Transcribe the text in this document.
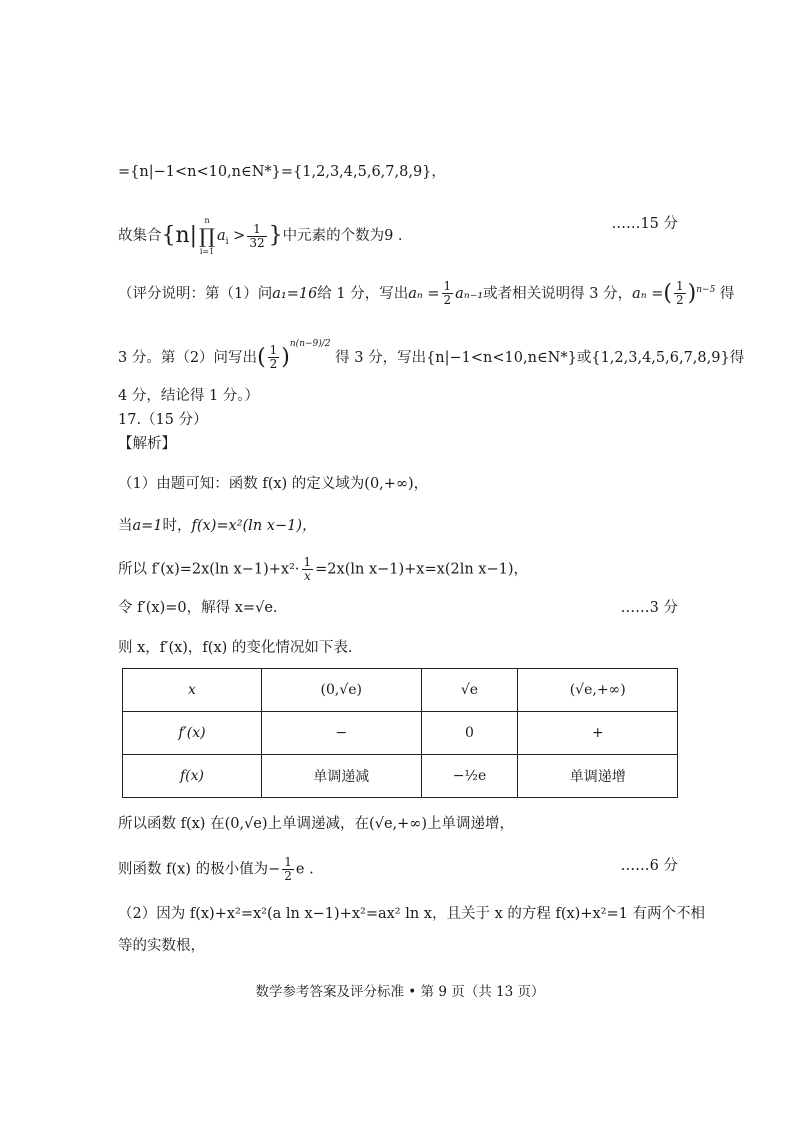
={n|−1<n<10,n∈N*}={1,2,3,4,5,6,7,8,9}，
故集合{n|
n
∏
i=1
$a_i > \frac{1}{32}$ }中元素的个数为9 .
……15 分
（评分说明：第（1）问a₁=16给 1 分，写出$a_n = \frac{1}{2} a_{n-1}$或者相关说明得 3 分，aₙ =( $\frac{1}{2} )^{n-5}$ 得
3 分。第（2）问写出( $\frac{1}{2} )^{n(n-9)/2}$ 得 3 分，写出{n|−1<n<10,n∈N*}或{1,2,3,4,5,6,7,8,9}得
4 分，结论得 1 分。）
17.（15 分）
【解析】
（1）由题可知：函数 f(x) 的定义域为(0,+∞)，
当a=1时，f(x)=x²(ln x−1)，
所以 f′(x)=2x(ln $x-1)+x^2\cdot \frac{1}{x} =2x(\ln$ x−1)+x=x(2ln x−1)，
令 f′(x)=0，解得 x=√e.	……3 分
则 x，f′(x)，f(x) 的变化情况如下表.
x	(0,√e)	√e	(√e,+∞)
f′(x)	−	0	+
f(x)	单调递减	−½e	单调递增
所以函数 f(x) 在(0,√e)上单调递减，在(√e,+∞)上单调递增，
则函数 f(x) 的极小值为− $\frac{1}{2}$ e .	……6 分
（2）因为 f(x)+x²=x²(a ln x−1)+x²=ax² ln x，且关于 x 的方程 f(x)+x²=1 有两个不相
等的实数根，
数学参考答案及评分标准 • 第 9 页（共 13 页）
